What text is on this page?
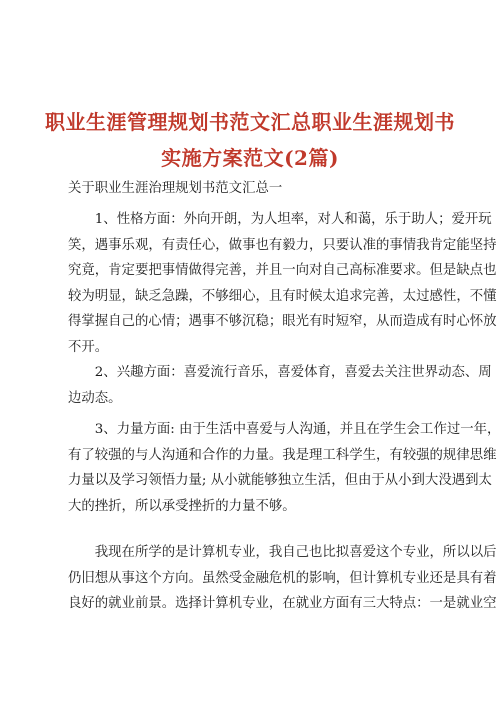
职业生涯管理规划书范文汇总职业生涯规划书
实施方案范文(2篇)
关于职业生涯治理规划书范文汇总一
　　1、性格方面：外向开朗，为人坦率，对人和蔼，乐于助人；爱开玩
笑，遇事乐观，有责任心，做事也有毅力，只要认准的事情我肯定能坚持
究竟，肯定要把事情做得完善，并且一向对自己高标准要求。但是缺点也
较为明显，缺乏急躁，不够细心，且有时候太追求完善，太过感性，不懂
得掌握自己的心情；遇事不够沉稳；眼光有时短窄，从而造成有时心怀放
不开。
　　2、兴趣方面：喜爱流行音乐，喜爱体育，喜爱去关注世界动态、周
边动态。
　　3、力量方面: 由于生活中喜爱与人沟通，并且在学生会工作过一年，
有了较强的与人沟通和合作的力量。我是理工科学生，有较强的规律思维
力量以及学习领悟力量; 从小就能够独立生活，但由于从小到大没遇到太
大的挫折，所以承受挫折的力量不够。
　　我现在所学的是计算机专业，我自己也比拟喜爱这个专业，所以以后
仍旧想从事这个方向。虽然受金融危机的影响，但计算机专业还是具有着
良好的就业前景。选择计算机专业，在就业方面有三大特点：一是就业空
